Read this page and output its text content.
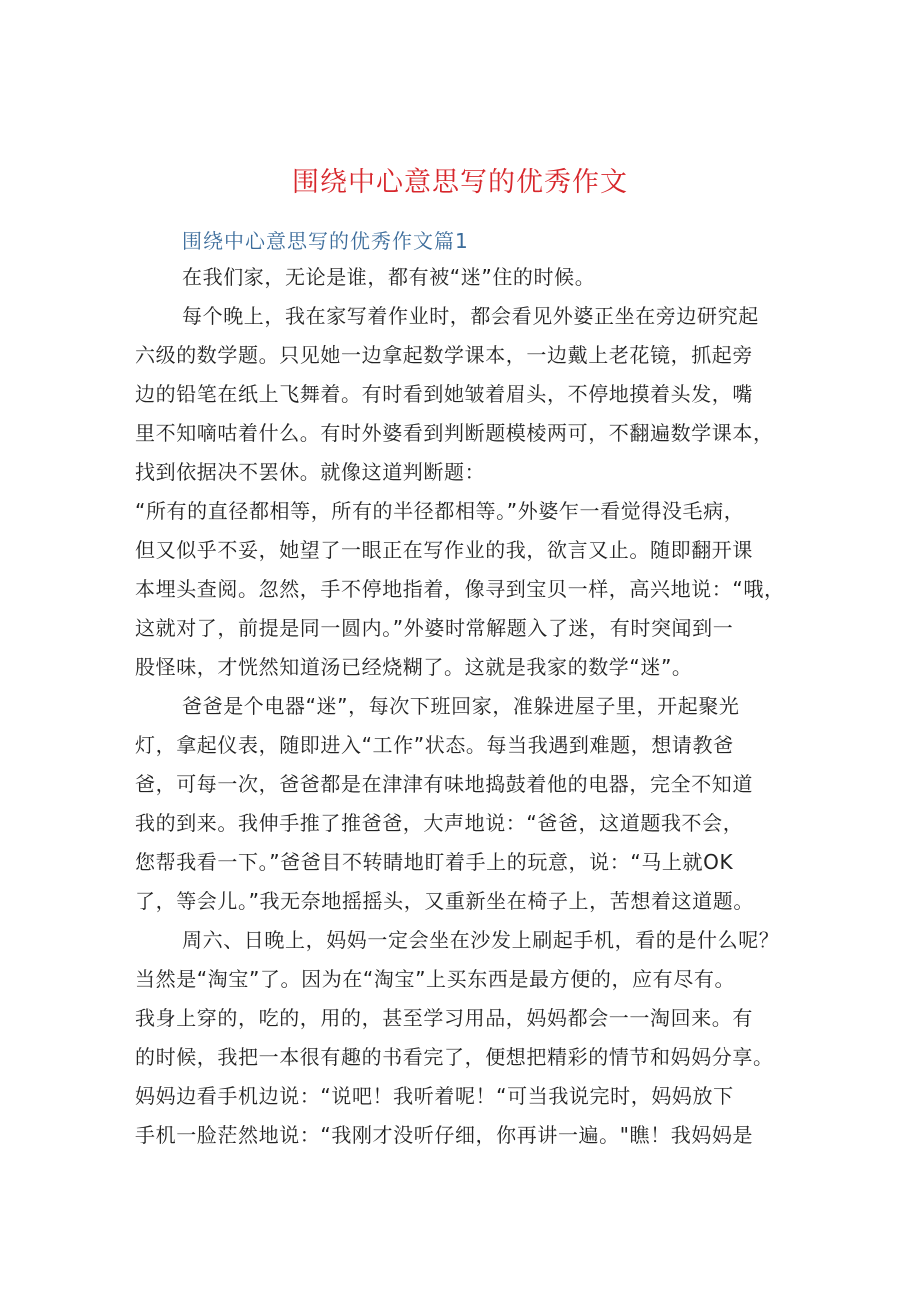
围绕中心意思写的优秀作文
围绕中心意思写的优秀作文篇1
在我们家，无论是谁，都有被“迷”住的时候。
每个晚上，我在家写着作业时，都会看见外婆正坐在旁边研究起
六级的数学题。只见她一边拿起数学课本，一边戴上老花镜，抓起旁
边的铅笔在纸上飞舞着。有时看到她皱着眉头，不停地摸着头发，嘴
里不知嘀咕着什么。有时外婆看到判断题模棱两可，不翻遍数学课本，
找到依据决不罢休。就像这道判断题：
“所有的直径都相等，所有的半径都相等。”外婆乍一看觉得没毛病，
但又似乎不妥，她望了一眼正在写作业的我，欲言又止。随即翻开课
本埋头查阅。忽然，手不停地指着，像寻到宝贝一样，高兴地说：“哦，
这就对了，前提是同一圆内。”外婆时常解题入了迷，有时突闻到一
股怪味，才恍然知道汤已经烧糊了。这就是我家的数学“迷”。
爸爸是个电器“迷”，每次下班回家，准躲进屋子里，开起聚光
灯，拿起仪表，随即进入“工作”状态。每当我遇到难题，想请教爸
爸，可每一次，爸爸都是在津津有味地捣鼓着他的电器，完全不知道
我的到来。我伸手推了推爸爸，大声地说：“爸爸，这道题我不会，
您帮我看一下。”爸爸目不转睛地盯着手上的玩意，说：“马上就OK
了，等会儿。”我无奈地摇摇头，又重新坐在椅子上，苦想着这道题。
周六、日晚上，妈妈一定会坐在沙发上刷起手机，看的是什么呢？
当然是“淘宝”了。因为在“淘宝”上买东西是最方便的，应有尽有。
我身上穿的，吃的，用的，甚至学习用品，妈妈都会一一淘回来。有
的时候，我把一本很有趣的书看完了，便想把精彩的情节和妈妈分享。
妈妈边看手机边说：“说吧！我听着呢！“可当我说完时，妈妈放下
手机一脸茫然地说：“我刚才没听仔细，你再讲一遍。"瞧！我妈妈是
